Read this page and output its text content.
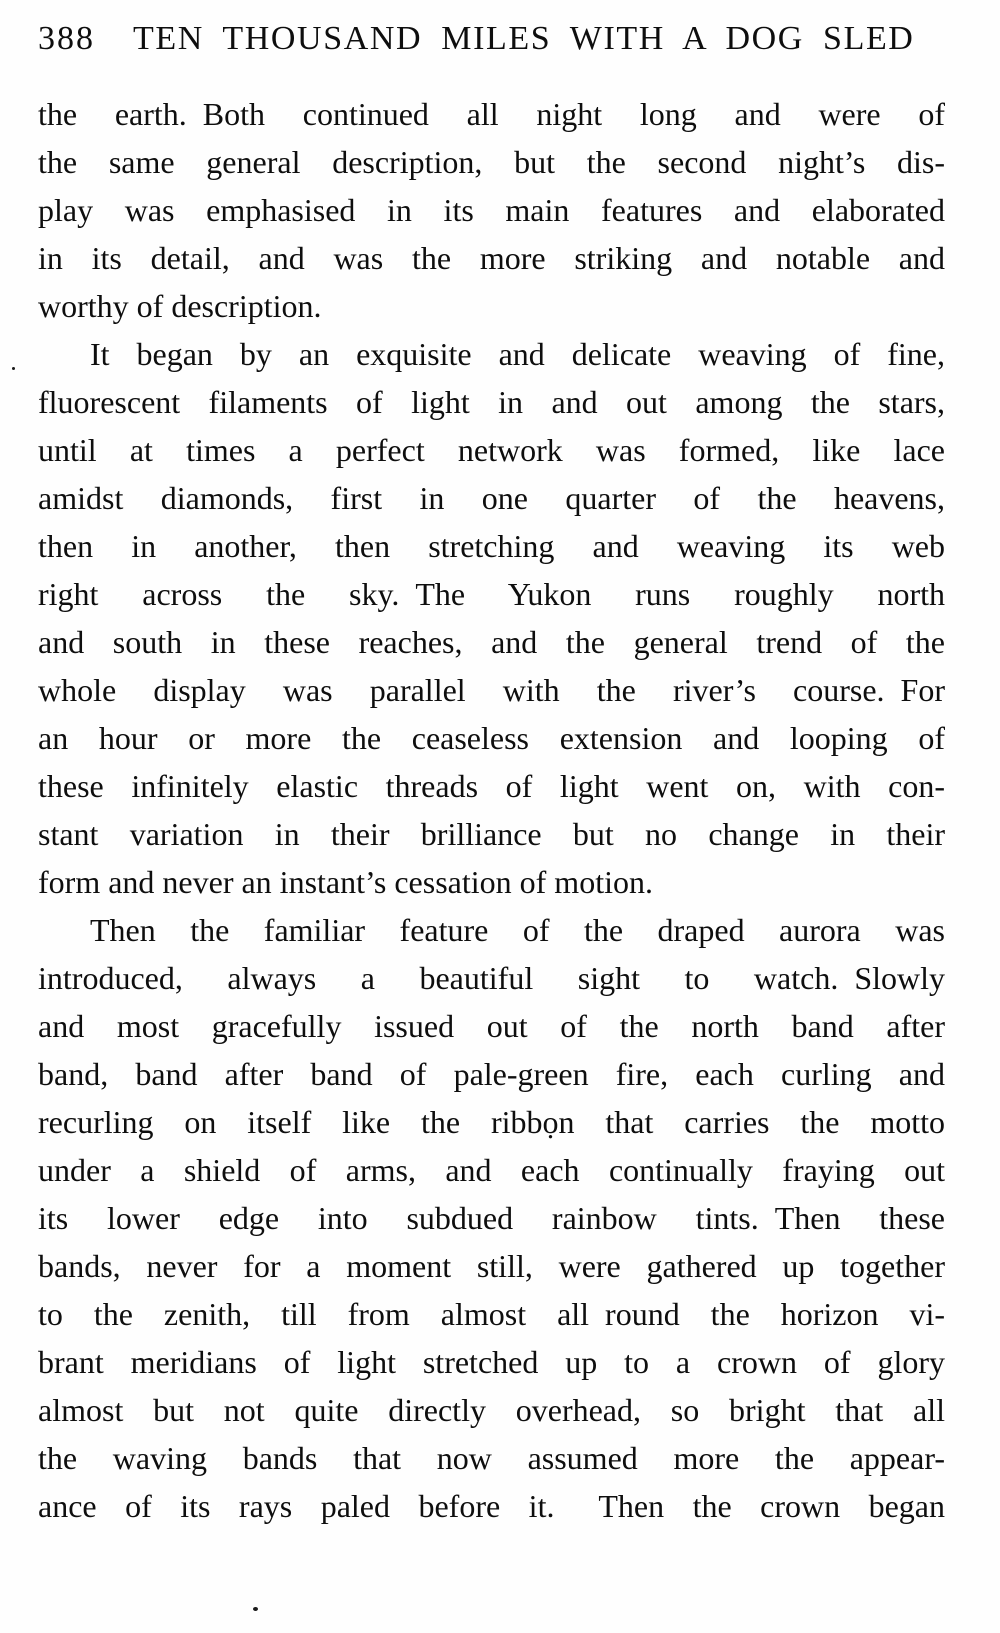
388 TEN THOUSAND MILES WITH A DOG SLED
the earth. Both continued all night long and were of
the same general description, but the second night’s dis-
play was emphasised in its main features and elaborated
in its detail, and was the more striking and notable and
worthy of description.
It began by an exquisite and delicate weaving of fine,
fluorescent filaments of light in and out among the stars,
until at times a perfect network was formed, like lace
amidst diamonds, first in one quarter of the heavens,
then in another, then stretching and weaving its web
right across the sky. The Yukon runs roughly north
and south in these reaches, and the general trend of the
whole display was parallel with the river’s course. For
an hour or more the ceaseless extension and looping of
these infinitely elastic threads of light went on, with con-
stant variation in their brilliance but no change in their
form and never an instant’s cessation of motion.
Then the familiar feature of the draped aurora was
introduced, always a beautiful sight to watch. Slowly
and most gracefully issued out of the north band after
band, band after band of pale-green fire, each curling and
recurling on itself like the ribbọn that carries the motto
under a shield of arms, and each continually fraying out
its lower edge into subdued rainbow tints. Then these
bands, never for a moment still, were gathered up together
to the zenith, till from almost all round the horizon vi-
brant meridians of light stretched up to a crown of glory
almost but not quite directly overhead, so bright that all
the waving bands that now assumed more the appear-
ance of its rays paled before it.  Then the crown began
